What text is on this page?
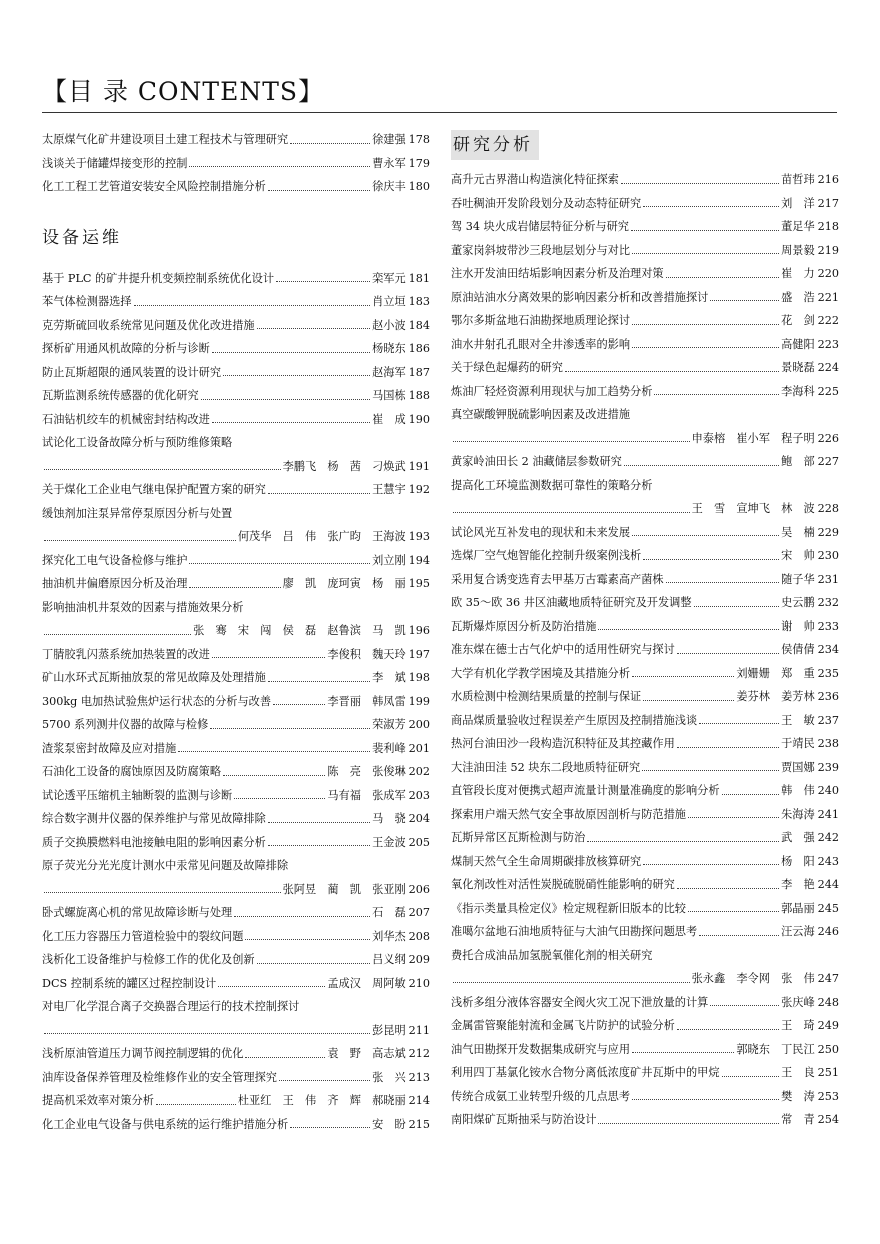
【目 录 CONTENTS】
太原煤气化矿井建设项目土建工程技术与管理研究	徐建强 178
浅谈关于储罐焊接变形的控制	曹永军 179
化工工程工艺管道安装安全风险控制措施分析	徐庆丰 180
设备运维
基于 PLC 的矿井提升机变频控制系统优化设计	栾军元 181
苯气体检测器选择	肖立垣 183
克劳斯硫回收系统常见问题及优化改进措施	赵小波 184
探析矿用通风机故障的分析与诊断	杨晓东 186
防止瓦斯超限的通风装置的设计研究	赵海军 187
瓦斯监测系统传感器的优化研究	马国栋 188
石油钻机绞车的机械密封结构改进	崔　成 190
试论化工设备故障分析与预防维修策略
李鹏飞　杨　茜　刁焕武 191
关于煤化工企业电气继电保护配置方案的研究	王慧宇 192
缓蚀剂加注泵异常停泵原因分析与处置
何茂华　吕　伟　张广昀　王海波 193
探究化工电气设备检修与维护	刘立刚 194
抽油机井偏磨原因分析及治理	廖　凯　庞珂寅　杨　丽 195
影响抽油机井泵效的因素与措施效果分析
张　骞　宋　闯　侯　磊　赵鲁滨　马　凯 196
丁腈胶乳闪蒸系统加热装置的改进	李俊积　魏天玲 197
矿山水环式瓦斯抽放泵的常见故障及处理措施	李　斌 198
300kg 电加热试验焦炉运行状态的分析与改善	李晋丽　韩凤雷 199
5700 系列测井仪器的故障与检修	荣淑芳 200
渣浆泵密封故障及应对措施	裴利峰 201
石油化工设备的腐蚀原因及防腐策略	陈　亮　张俊琳 202
试论透平压缩机主轴断裂的监测与诊断	马有福　张成军 203
综合数字测井仪器的保养维护与常见故障排除	马　骁 204
质子交换膜燃料电池接触电阻的影响因素分析	王金波 205
原子荧光分光光度计测水中汞常见问题及故障排除
张阿昱　蔺　凯　张亚刚 206
卧式螺旋离心机的常见故障诊断与处理	石　磊 207
化工压力容器压力管道检验中的裂纹问题	刘华杰 208
浅析化工设备维护与检修工作的优化及创新	吕义纲 209
DCS 控制系统的罐区过程控制设计	孟成汉　周阿敏 210
对电厂化学混合离子交换器合理运行的技术控制探讨
彭昆明 211
浅析原油管道压力调节阀控制逻辑的优化	袁　野　高志斌 212
油库设备保养管理及检维修作业的安全管理探究	张　兴 213
提高机采效率对策分析	杜亚红　王　伟　齐　辉　郝晓丽 214
化工企业电气设备与供电系统的运行维护措施分析	安　盼 215
研究分析
高升元古界潜山构造演化特征探索	苗哲玮 216
吞吐稠油开发阶段划分及动态特征研究	刘　洋 217
驾 34 块火成岩储层特征分析与研究	董足华 218
董家岗斜坡带沙三段地层划分与对比	周景毅 219
注水开发油田结垢影响因素分析及治理对策	崔　力 220
原油站油水分离效果的影响因素分析和改善措施探讨	盛　浩 221
鄂尔多斯盆地石油勘探地质理论探讨	花　剑 222
油水井射孔孔眼对全井渗透率的影响	高健阳 223
关于绿色起爆药的研究	景晓磊 224
炼油厂轻烃资源利用现状与加工趋势分析	李海科 225
真空碳酸钾脱硫影响因素及改进措施
申泰榕　崔小军　程子明 226
黄家岭油田长 2 油藏储层参数研究	鲍　部 227
提高化工环境监测数据可靠性的策略分析
王　雪　宣坤飞　林　波 228
试论风光互补发电的现状和未来发展	吴　楠 229
选煤厂空气炮智能化控制升级案例浅析	宋　帅 230
采用复合诱变选育去甲基万古霉素高产菌株	随子华 231
欧 35～欧 36 井区油藏地质特征研究及开发调整	史云鹏 232
瓦斯爆炸原因分析及防治措施	谢　帅 233
准东煤在德士古气化炉中的适用性研究与探讨	侯倩倩 234
大学有机化学教学困境及其措施分析	刘姗姗　郑　重 235
水质检测中检测结果质量的控制与保证	姜芬林　姜芳林 236
商品煤质量验收过程误差产生原因及控制措施浅谈	王　敏 237
热河台油田沙一段构造沉积特征及其控藏作用	于靖民 238
大洼油田洼 52 块东二段地质特征研究	贾国娜 239
直管段长度对便携式超声流量计测量准确度的影响分析	韩　伟 240
探索用户端天然气安全事故原因剖析与防范措施	朱海涛 241
瓦斯异常区瓦斯检测与防治	武　强 242
煤制天然气全生命周期碳排放核算研究	杨　阳 243
氧化剂改性对活性炭脱硫脱硝性能影响的研究	李　艳 244
《指示类量具检定仪》检定规程新旧版本的比较	郭晶丽 245
准噶尔盆地石油地质特征与大油气田勘探问题思考	汪云海 246
费托合成油品加氢脱氧催化剂的相关研究
张永鑫　李令网　张　伟 247
浅析多组分液体容器安全阀火灾工况下泄放量的计算	张庆峰 248
金属雷管聚能射流和金属飞片防护的试验分析	王　琦 249
油气田勘探开发数据集成研究与应用	郭晓东　丁民江 250
利用四丁基氯化铵水合物分离低浓度矿井瓦斯中的甲烷	王　良 251
传统合成氨工业转型升级的几点思考	樊　涛 253
南阳煤矿瓦斯抽采与防治设计	常　青 254
